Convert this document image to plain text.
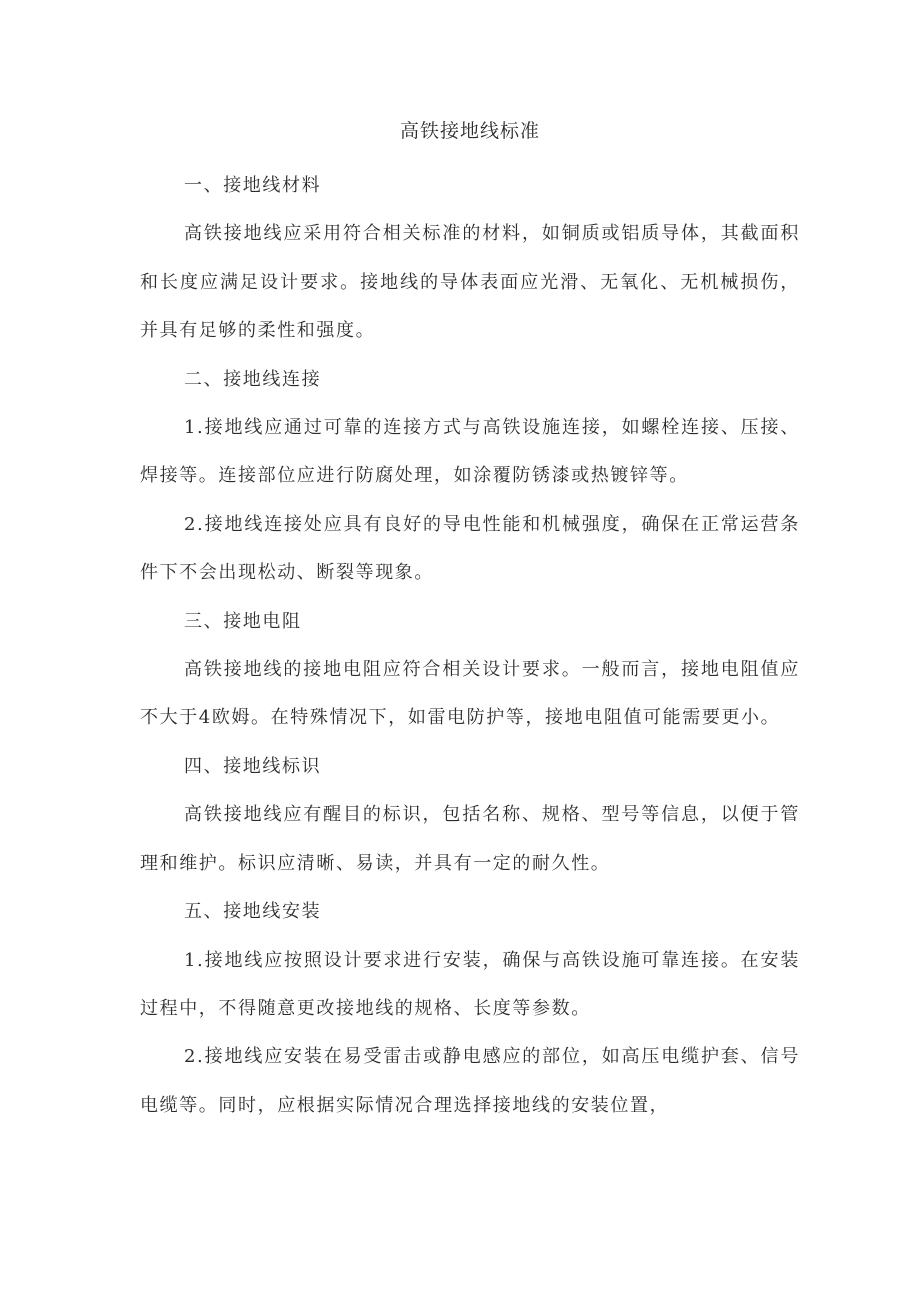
高铁接地线标准

一、接地线材料

高铁接地线应采用符合相关标准的材料，如铜质或铝质导体，其截面积和长度应满足设计要求。接地线的导体表面应光滑、无氧化、无机械损伤，并具有足够的柔性和强度。

二、接地线连接

1.接地线应通过可靠的连接方式与高铁设施连接，如螺栓连接、压接、焊接等。连接部位应进行防腐处理，如涂覆防锈漆或热镀锌等。

2.接地线连接处应具有良好的导电性能和机械强度，确保在正常运营条件下不会出现松动、断裂等现象。

三、接地电阻

高铁接地线的接地电阻应符合相关设计要求。一般而言，接地电阻值应不大于4欧姆。在特殊情况下，如雷电防护等，接地电阻值可能需要更小。

四、接地线标识

高铁接地线应有醒目的标识，包括名称、规格、型号等信息，以便于管理和维护。标识应清晰、易读，并具有一定的耐久性。

五、接地线安装

1.接地线应按照设计要求进行安装，确保与高铁设施可靠连接。在安装过程中，不得随意更改接地线的规格、长度等参数。

2.接地线应安装在易受雷击或静电感应的部位，如高压电缆护套、信号电缆等。同时，应根据实际情况合理选择接地线的安装位置，
